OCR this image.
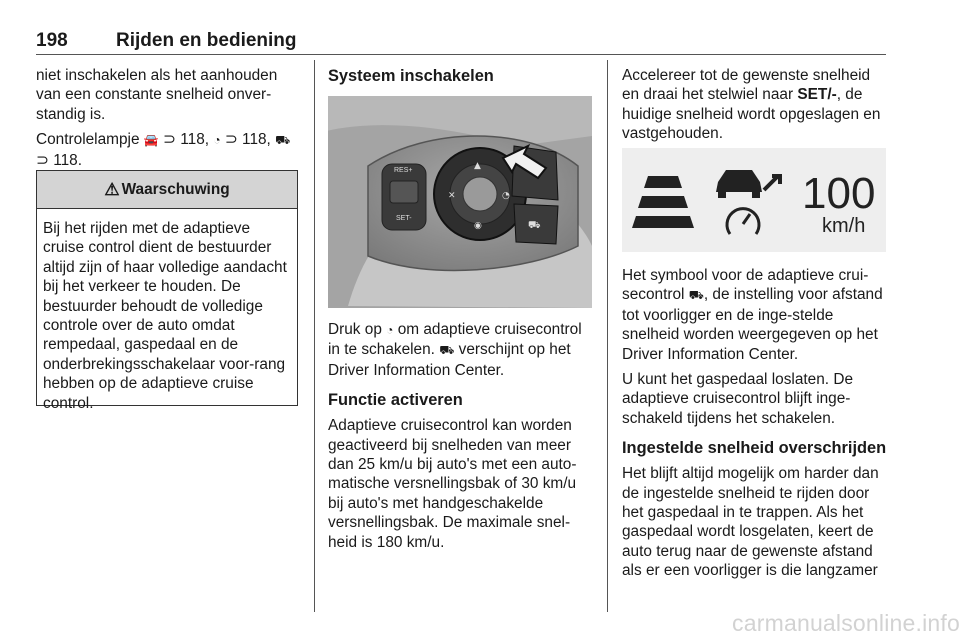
198	Rijden en bediening

niet inschakelen als het aanhouden van een constante snelheid onver-standig is.

Controlelampje 🚘 ⊃ 118, ◔ ⊃ 118, ⛟
⊃ 118.

⚠ Waarschuwing
Bij het rijden met de adaptieve cruise control dient de bestuurder altijd zijn of haar volledige aandacht bij het verkeer te houden. De bestuurder behoudt de volledige controle over de auto omdat rempedaal, gaspedaal en de onderbrekingsschakelaar voor-rang hebben op de adaptieve cruise control.

Systeem inschakelen

RES+
SET-
✕
▲
◉
◔
⛟

Druk op ◔ om adaptieve cruisecontrol in te schakelen. ⛟ verschijnt op het Driver Information Center.

Functie activeren

Adaptieve cruisecontrol kan worden geactiveerd bij snelheden van meer dan 25 km/u bij auto's met een auto-matische versnellingsbak of 30 km/u bij auto's met handgeschakelde versnellingsbak. De maximale snel-heid is 180 km/u.

Accelereer tot de gewenste snelheid en draai het stelwiel naar SET/-, de huidige snelheid wordt opgeslagen en vastgehouden.

100
km/h

Het symbool voor de adaptieve crui-secontrol ⛟, de instelling voor afstand tot voorligger en de inge-stelde snelheid worden weergegeven op het Driver Information Center.

U kunt het gaspedaal loslaten. De adaptieve cruisecontrol blijft inge-schakeld tijdens het schakelen.

Ingestelde snelheid overschrijden

Het blijft altijd mogelijk om harder dan de ingestelde snelheid te rijden door het gaspedaal in te trappen. Als het gaspedaal wordt losgelaten, keert de auto terug naar de gewenste afstand als er een voorligger is die langzamer

carmanualsonline.info
